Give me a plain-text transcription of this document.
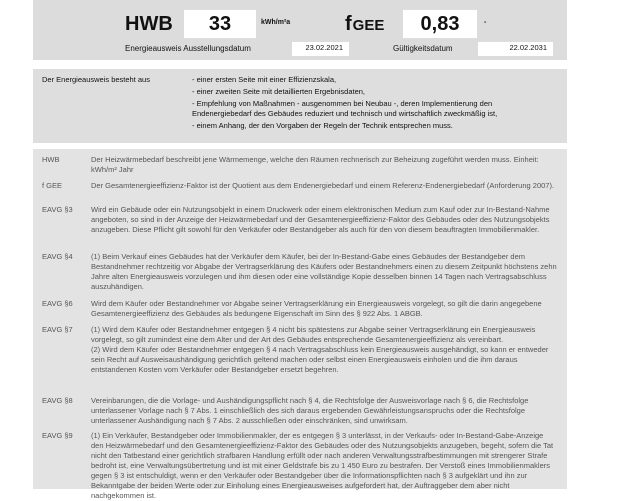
HWB	33	kWh/m²a	fGEE	0,83	-
Energieausweis Ausstellungsdatum	23.02.2021	Gültigkeitsdatum	22.02.2031
Der Energieausweis besteht aus	- einer ersten Seite mit einer Effizienzskala,
- einer zweiten Seite mit detaillierten Ergebnisdaten,
- Empfehlung von Maßnahmen - ausgenommen bei Neubau -, deren Implementierung den Endenergiebedarf des Gebäudes reduziert und technisch und wirtschaftlich zweckmäßig ist,
- einem Anhang, der den Vorgaben der Regeln der Technik entsprechen muss.
HWB	Der Heizwärmebedarf beschreibt jene Wärmemenge, welche den Räumen rechnerisch zur Beheizung zugeführt werden muss. Einheit: kWh/m² Jahr
f GEE	Der Gesamtenergieeffizienz-Faktor ist der Quotient aus dem Endenergiebedarf und einem Referenz-Endenergiebedarf (Anforderung 2007).
EAVG §3	Wird ein Gebäude oder ein Nutzungsobjekt in einem Druckwerk oder einem elektronischen Medium zum Kauf oder zur In-Bestand-Nahme angeboten, so sind in der Anzeige der Heizwärmebedarf und der Gesamtenergieeffizienz-Faktor des Gebäudes oder des Nutzungsobjekts anzugeben. Diese Pflicht gilt sowohl für den Verkäufer oder Bestandgeber als auch für den von diesem beauftragten Immobilienmakler.
EAVG §4	(1) Beim Verkauf eines Gebäudes hat der Verkäufer dem Käufer, bei der In-Bestand-Gabe eines Gebäudes der Bestandgeber dem Bestandnehmer rechtzeitig vor Abgabe der Vertragserklärung des Käufers oder Bestandnehmers einen zu diesem Zeitpunkt höchstens zehn Jahre alten Energieausweis vorzulegen und ihm diesen oder eine vollständige Kopie desselben binnen 14 Tagen nach Vertragsabschluss auszuhändigen.
EAVG §6	Wird dem Käufer oder Bestandnehmer vor Abgabe seiner Vertragserklärung ein Energieausweis vorgelegt, so gilt die darin angegebene Gesamtenergieeffizienz des Gebäudes als bedungene Eigenschaft im Sinn des § 922 Abs. 1 ABGB.
EAVG §7	(1) Wird dem Käufer oder Bestandnehmer entgegen § 4 nicht bis spätestens zur Abgabe seiner Vertragserklärung ein Energieausweis vorgelegt, so gilt zumindest eine dem Alter und der Art des Gebäudes entsprechende Gesamtenergieeffizienz als vereinbart.
(2) Wird dem Käufer oder Bestandnehmer entgegen § 4 nach Vertragsabschluss kein Energieausweis ausgehändigt, so kann er entweder sein Recht auf Ausweisaushändigung gerichtlich geltend machen oder selbst einen Energieausweis einholen und die ihm daraus entstandenen Kosten vom Verkäufer oder Bestandgeber ersetzt begehren.
EAVG §8	Vereinbarungen, die die Vorlage- und Aushändigungspflicht nach § 4, die Rechtsfolge der Ausweisvorlage nach § 6, die Rechtsfolge unterlassener Vorlage nach § 7 Abs. 1 einschließlich des sich daraus ergebenden Gewährleistungsanspruchs oder die Rechtsfolge unterlassener Aushändigung nach § 7 Abs. 2 ausschließen oder einschränken, sind unwirksam.
EAVG §9	(1) Ein Verkäufer, Bestandgeber oder Immobilienmakler, der es entgegen § 3 unterlässt, in der Verkaufs- oder In-Bestand-Gabe-Anzeige den Heizwärmebedarf und den Gesamtenergieeffizienz-Faktor des Gebäudes oder des Nutzungsobjekts anzugeben, begeht, sofern die Tat nicht den Tatbestand einer gerichtlich strafbaren Handlung erfüllt oder nach anderen Verwaltungsstrafbestimmungen mit strengerer Strafe bedroht ist, eine Verwaltungsübertretung und ist mit einer Geldstrafe bis zu 1 450 Euro zu bestrafen. Der Verstoß eines Immobilienmaklers gegen § 3 ist entschuldigt, wenn er den Verkäufer oder Bestandgeber über die Informationspflichten nach § 3 aufgeklärt und ihn zur Bekanntgabe der beiden Werte oder zur Einholung eines Energieausweises aufgefordert hat, der Auftraggeber dem aber nicht nachgekommen ist.
